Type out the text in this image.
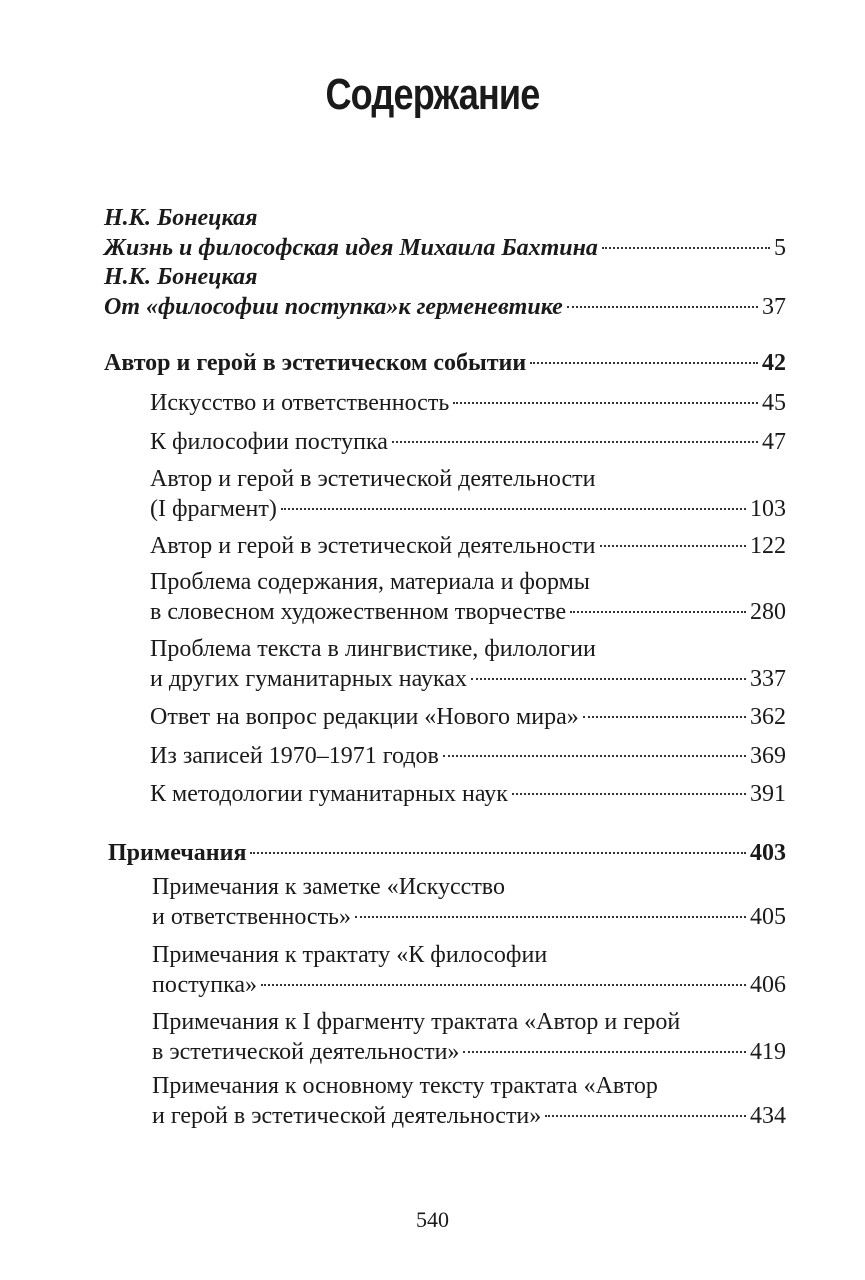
Содержание
Н.К. Бонецкая
Жизнь и философская идея Михаила Бахтина	5
Н.К. Бонецкая
От «философии поступка»к герменевтике	37
Автор и герой в эстетическом событии	42
Искусство и ответственность	45
К философии поступка	47
Автор и герой в эстетической деятельности
(I фрагмент)	103
Автор и герой в эстетической деятельности	122
Проблема содержания, материала и формы
в словесном художественном творчестве	280
Проблема текста в лингвистике, филологии
и других гуманитарных науках	337
Ответ на вопрос редакции «Нового мира»	362
Из записей 1970–1971 годов	369
К методологии гуманитарных наук	391
Примечания	403
Примечания к заметке «Искусство
и ответственность»	405
Примечания к трактату «К философии
поступка»	406
Примечания к I фрагменту трактата «Автор и герой
в эстетической деятельности»	419
Примечания к основному тексту трактата «Автор
и герой в эстетической деятельности»	434
540
